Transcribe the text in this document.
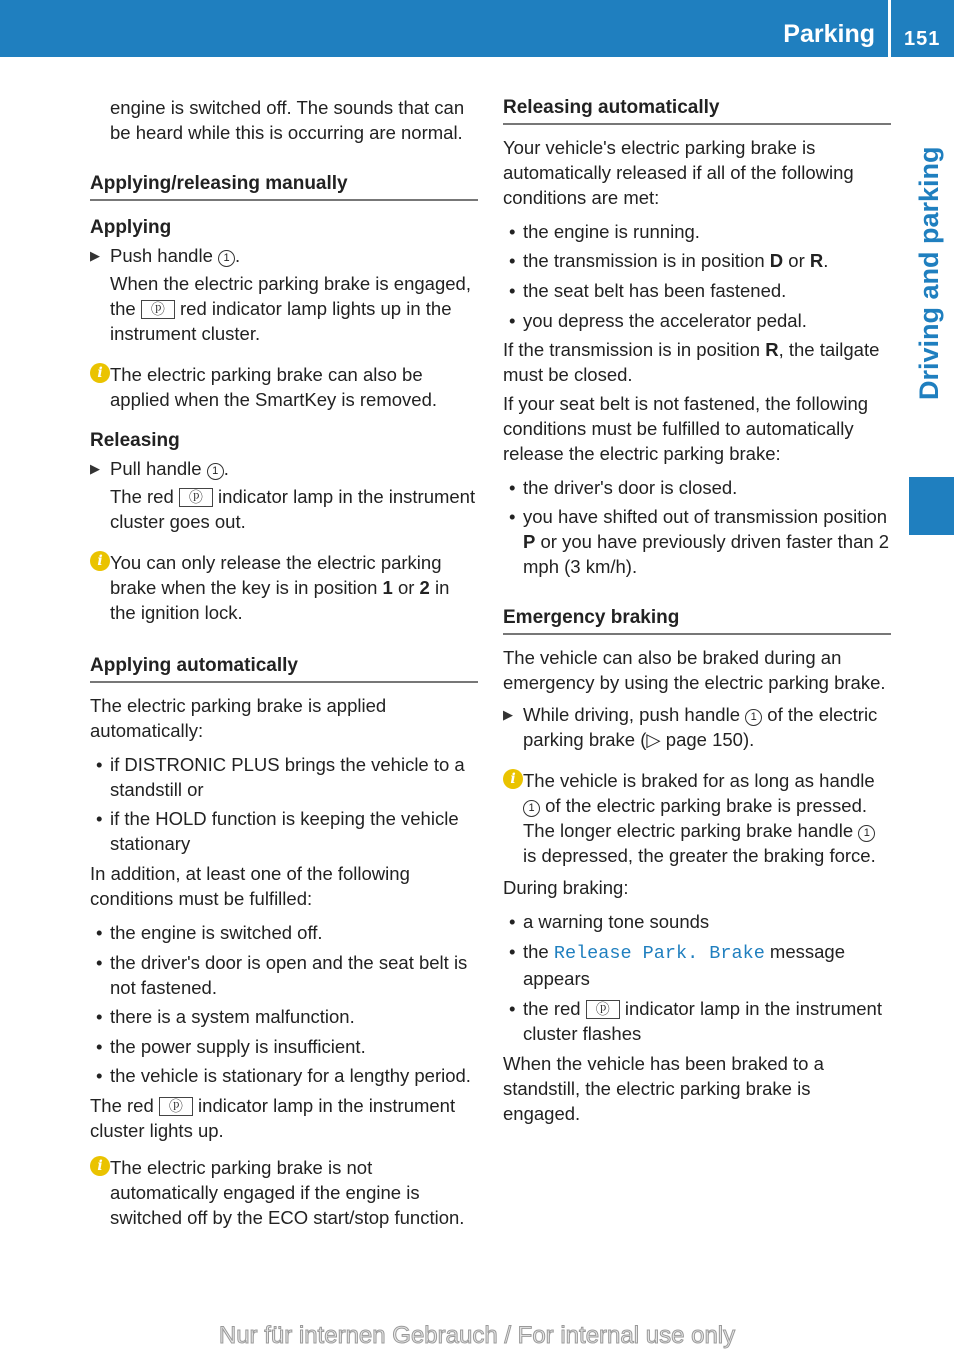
Parking 151
Driving and parking

engine is switched off. The sounds that can be heard while this is occurring are normal.

Applying/releasing manually

Applying

▶ Push handle 1 .

When the electric parking brake is engaged, the ⓟ red indicator lamp lights up in the instrument cluster.

i The electric parking brake can also be applied when the SmartKey is removed.

Releasing

▶ Pull handle 1 .

The red ⓟ indicator lamp in the instrument cluster goes out.

i You can only release the electric parking brake when the key is in position 1 or 2 in the ignition lock.

Applying automatically

The electric parking brake is applied automatically:

• if DISTRONIC PLUS brings the vehicle to a standstill or
• if the HOLD function is keeping the vehicle stationary

In addition, at least one of the following conditions must be fulfilled:

• the engine is switched off.
• the driver's door is open and the seat belt is not fastened.
• there is a system malfunction.
• the power supply is insufficient.
• the vehicle is stationary for a lengthy period.

The red ⓟ indicator lamp in the instrument cluster lights up.

i The electric parking brake is not automatically engaged if the engine is switched off by the ECO start/stop function.

Releasing automatically

Your vehicle's electric parking brake is automatically released if all of the following conditions are met:

• the engine is running.
• the transmission is in position D or R.
• the seat belt has been fastened.
• you depress the accelerator pedal.

If the transmission is in position R, the tailgate must be closed.

If your seat belt is not fastened, the following conditions must be fulfilled to automatically release the electric parking brake:

• the driver's door is closed.
• you have shifted out of transmission position P or you have previously driven faster than 2 mph (3 km/h).

Emergency braking

The vehicle can also be braked during an emergency by using the electric parking brake.

▶ While driving, push handle 1 of the electric parking brake (▷ page 150).
i The vehicle is braked for as long as handle 1 of the electric parking brake is pressed. The longer electric parking brake handle 1 is depressed, the greater the braking force.

During braking:

• a warning tone sounds
• the Release Park. Brake message appears
• the red ⓟ indicator lamp in the instrument cluster flashes

When the vehicle has been braked to a standstill, the electric parking brake is engaged.

Nur für internen Gebrauch / For internal use only
